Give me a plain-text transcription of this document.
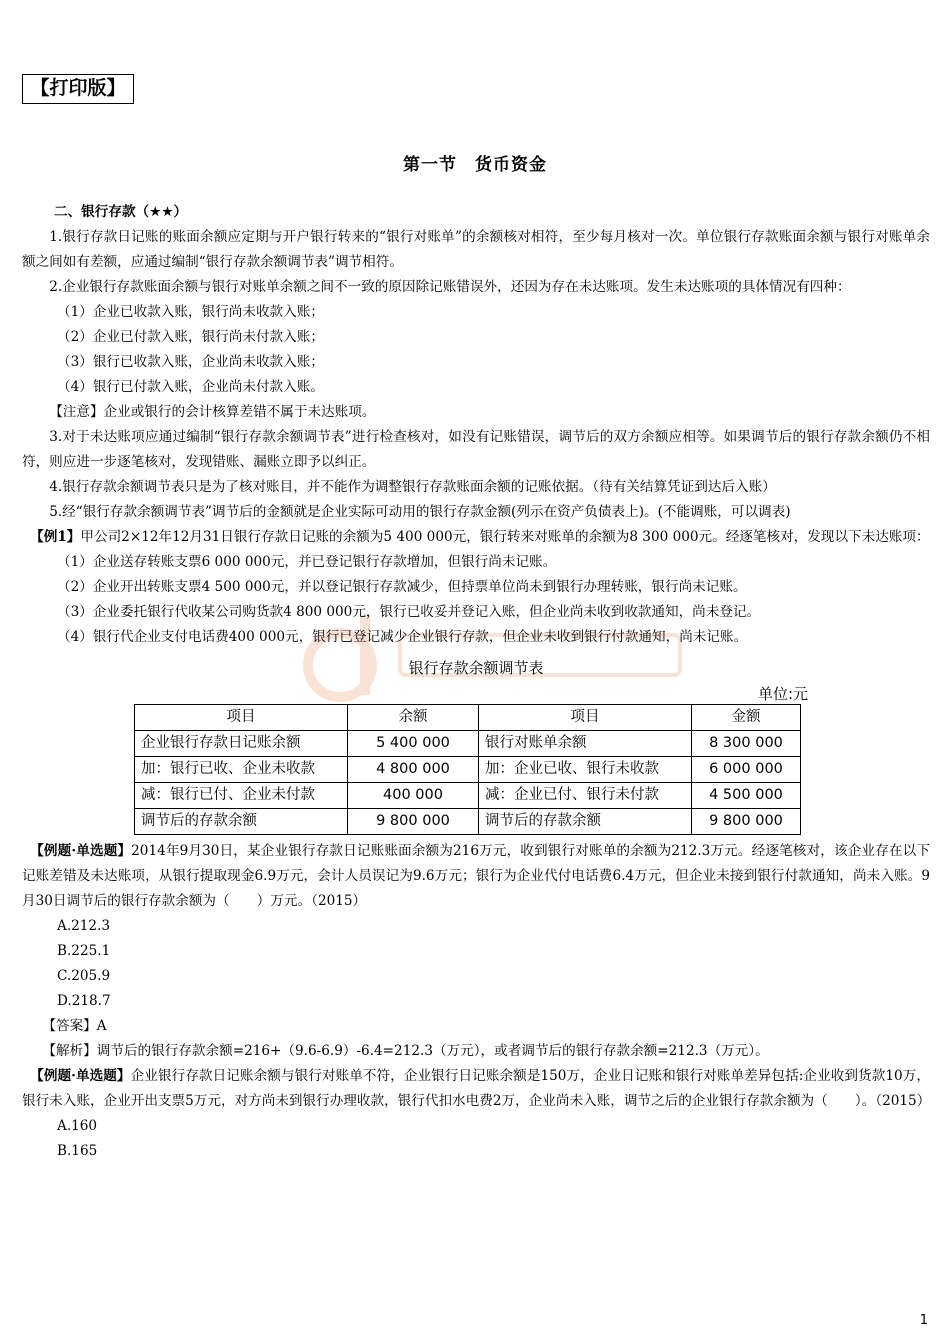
【打印版】
第一节　货币资金

二、银行存款（★★）

1.银行存款日记账的账面余额应定期与开户银行转来的“银行对账单”的余额核对相符，至少每月核对一次。单位银行存款账面余额与银行对账单余额之间如有差额，应通过编制“银行存款余额调节表”调节相符。

2.企业银行存款账面余额与银行对账单余额之间不一致的原因除记账错误外，还因为存在未达账项。发生未达账项的具体情况有四种：

（1）企业已收款入账，银行尚未收款入账；

（2）企业已付款入账，银行尚未付款入账；

（3）银行已收款入账，企业尚未收款入账；

（4）银行已付款入账，企业尚未付款入账。

【注意】企业或银行的会计核算差错不属于未达账项。

3.对于未达账项应通过编制“银行存款余额调节表”进行检查核对，如没有记账错误，调节后的双方余额应相等。如果调节后的银行存款余额仍不相符，则应进一步逐笔核对，发现错账、漏账立即予以纠正。

4.银行存款余额调节表只是为了核对账目，并不能作为调整银行存款账面余额的记账依据。（待有关结算凭证到达后入账）

5.经“银行存款余额调节表”调节后的金额就是企业实际可动用的银行存款金额(列示在资产负债表上)。(不能调账，可以调表)

【例1】甲公司2×12年12月31日银行存款日记账的余额为5 400 000元，银行转来对账单的余额为8 300 000元。经逐笔核对，发现以下未达账项：

（1）企业送存转账支票6 000 000元，并已登记银行存款增加，但银行尚未记账。

（2）企业开出转账支票4 500 000元，并以登记银行存款减少，但持票单位尚未到银行办理转账，银行尚未记账。

（3）企业委托银行代收某公司购货款4 800 000元，银行已收妥并登记入账，但企业尚未收到收款通知，尚未登记。

（4）银行代企业支付电话费400 000元，银行已登记减少企业银行存款，但企业未收到银行付款通知，尚未记账。

银行存款余额调节表
单位:元
项目	余额	项目	金额
企业银行存款日记账余额	5 400 000	银行对账单余额	8 300 000
加：银行已收、企业未收款	4 800 000	加：企业已收、银行未收款	6 000 000
减：银行已付、企业未付款	400 000	减：企业已付、银行未付款	4 500 000
调节后的存款余额	9 800 000	调节后的存款余额	9 800 000

【例题·单选题】2014年9月30日，某企业银行存款日记账账面余额为216万元，收到银行对账单的余额为212.3万元。经逐笔核对，该企业存在以下记账差错及未达账项，从银行提取现金6.9万元，会计人员误记为9.6万元；银行为企业代付电话费6.4万元，但企业未接到银行付款通知，尚未入账。9月30日调节后的银行存款余额为（　　）万元。（2015）

A.212.3

B.225.1

C.205.9

D.218.7

【答案】A

【解析】调节后的银行存款余额=216+（9.6-6.9）-6.4=212.3（万元），或者调节后的银行存款余额=212.3（万元）。

【例题·单选题】企业银行存款日记账余额与银行对账单不符，企业银行日记账余额是150万，企业日记账和银行对账单差异包括:企业收到货款10万，银行未入账，企业开出支票5万元，对方尚未到银行办理收款，银行代扣水电费2万，企业尚未入账，调节之后的企业银行存款余额为（　　）。（2015）

A.160

B.165

1
